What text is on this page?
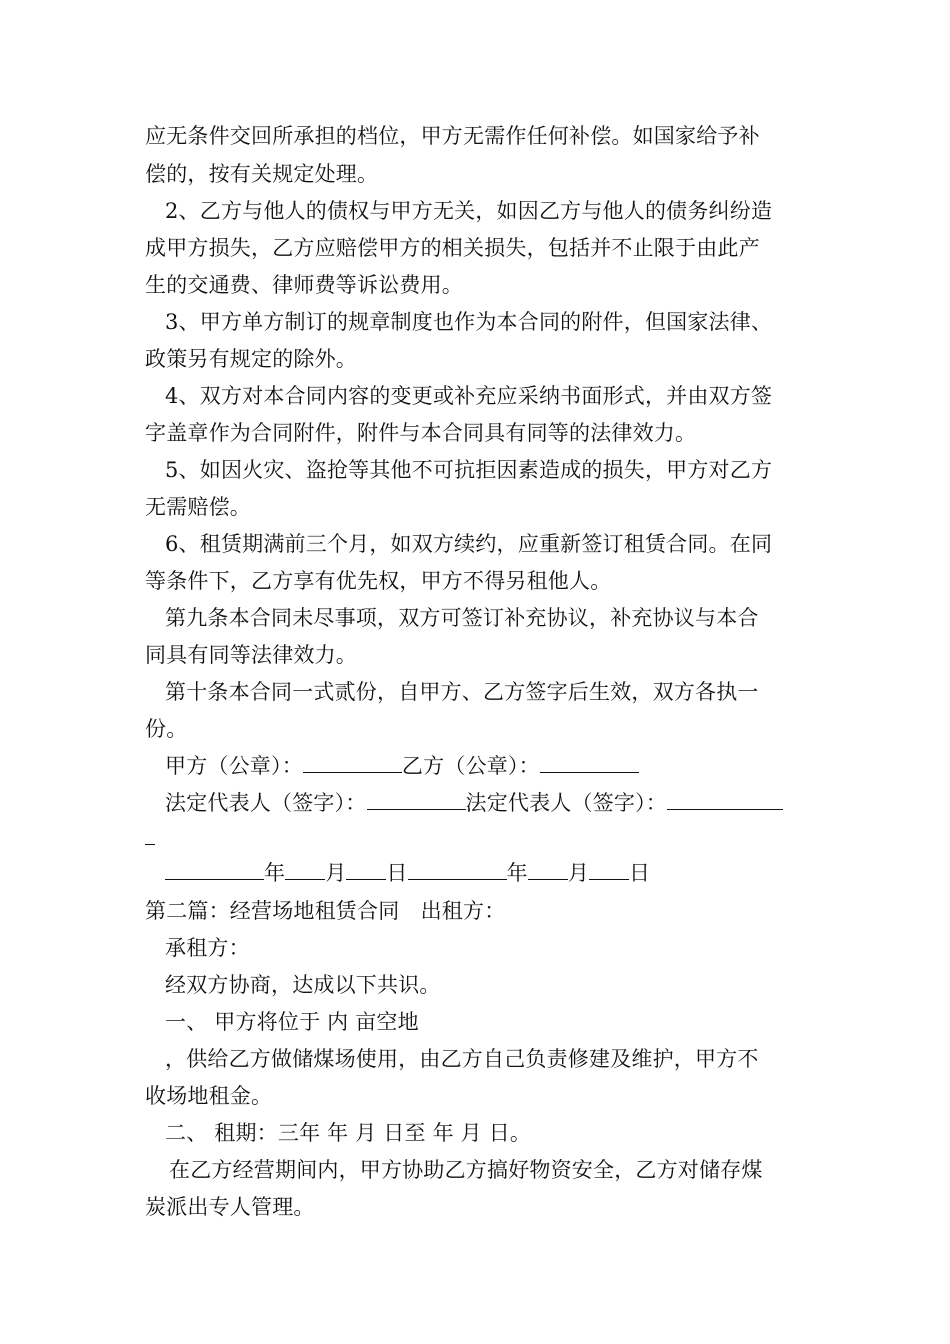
应无条件交回所承担的档位，甲方无需作任何补偿。如国家给予补
偿的，按有关规定处理。
2、乙方与他人的债权与甲方无关，如因乙方与他人的债务纠纷造
成甲方损失，乙方应赔偿甲方的相关损失，包括并不止限于由此产
生的交通费、律师费等诉讼费用。
3、甲方单方制订的规章制度也作为本合同的附件，但国家法律、
政策另有规定的除外。
4、双方对本合同内容的变更或补充应采纳书面形式，并由双方签
字盖章作为合同附件，附件与本合同具有同等的法律效力。
5、如因火灾、盗抢等其他不可抗拒因素造成的损失，甲方对乙方
无需赔偿。
6、租赁期满前三个月，如双方续约，应重新签订租赁合同。在同
等条件下，乙方享有优先权，甲方不得另租他人。
第九条本合同未尽事项，双方可签订补充协议，补充协议与本合
同具有同等法律效力。
第十条本合同一式贰份，自甲方、乙方签字后生效，双方各执一
份。
甲方（公章）：	乙方（公章）：
法定代表人（签字）：	法定代表人（签字）：
年 月 日	年 月 日
第二篇：经营场地租赁合同　出租方：
承租方：
经双方协商，达成以下共识。
一、 甲方将位于 内 亩空地
，供给乙方做储煤场使用，由乙方自己负责修建及维护，甲方不
收场地租金。
二、 租期：三年 年 月 日至 年 月 日。
在乙方经营期间内，甲方协助乙方搞好物资安全，乙方对储存煤
炭派出专人管理。
